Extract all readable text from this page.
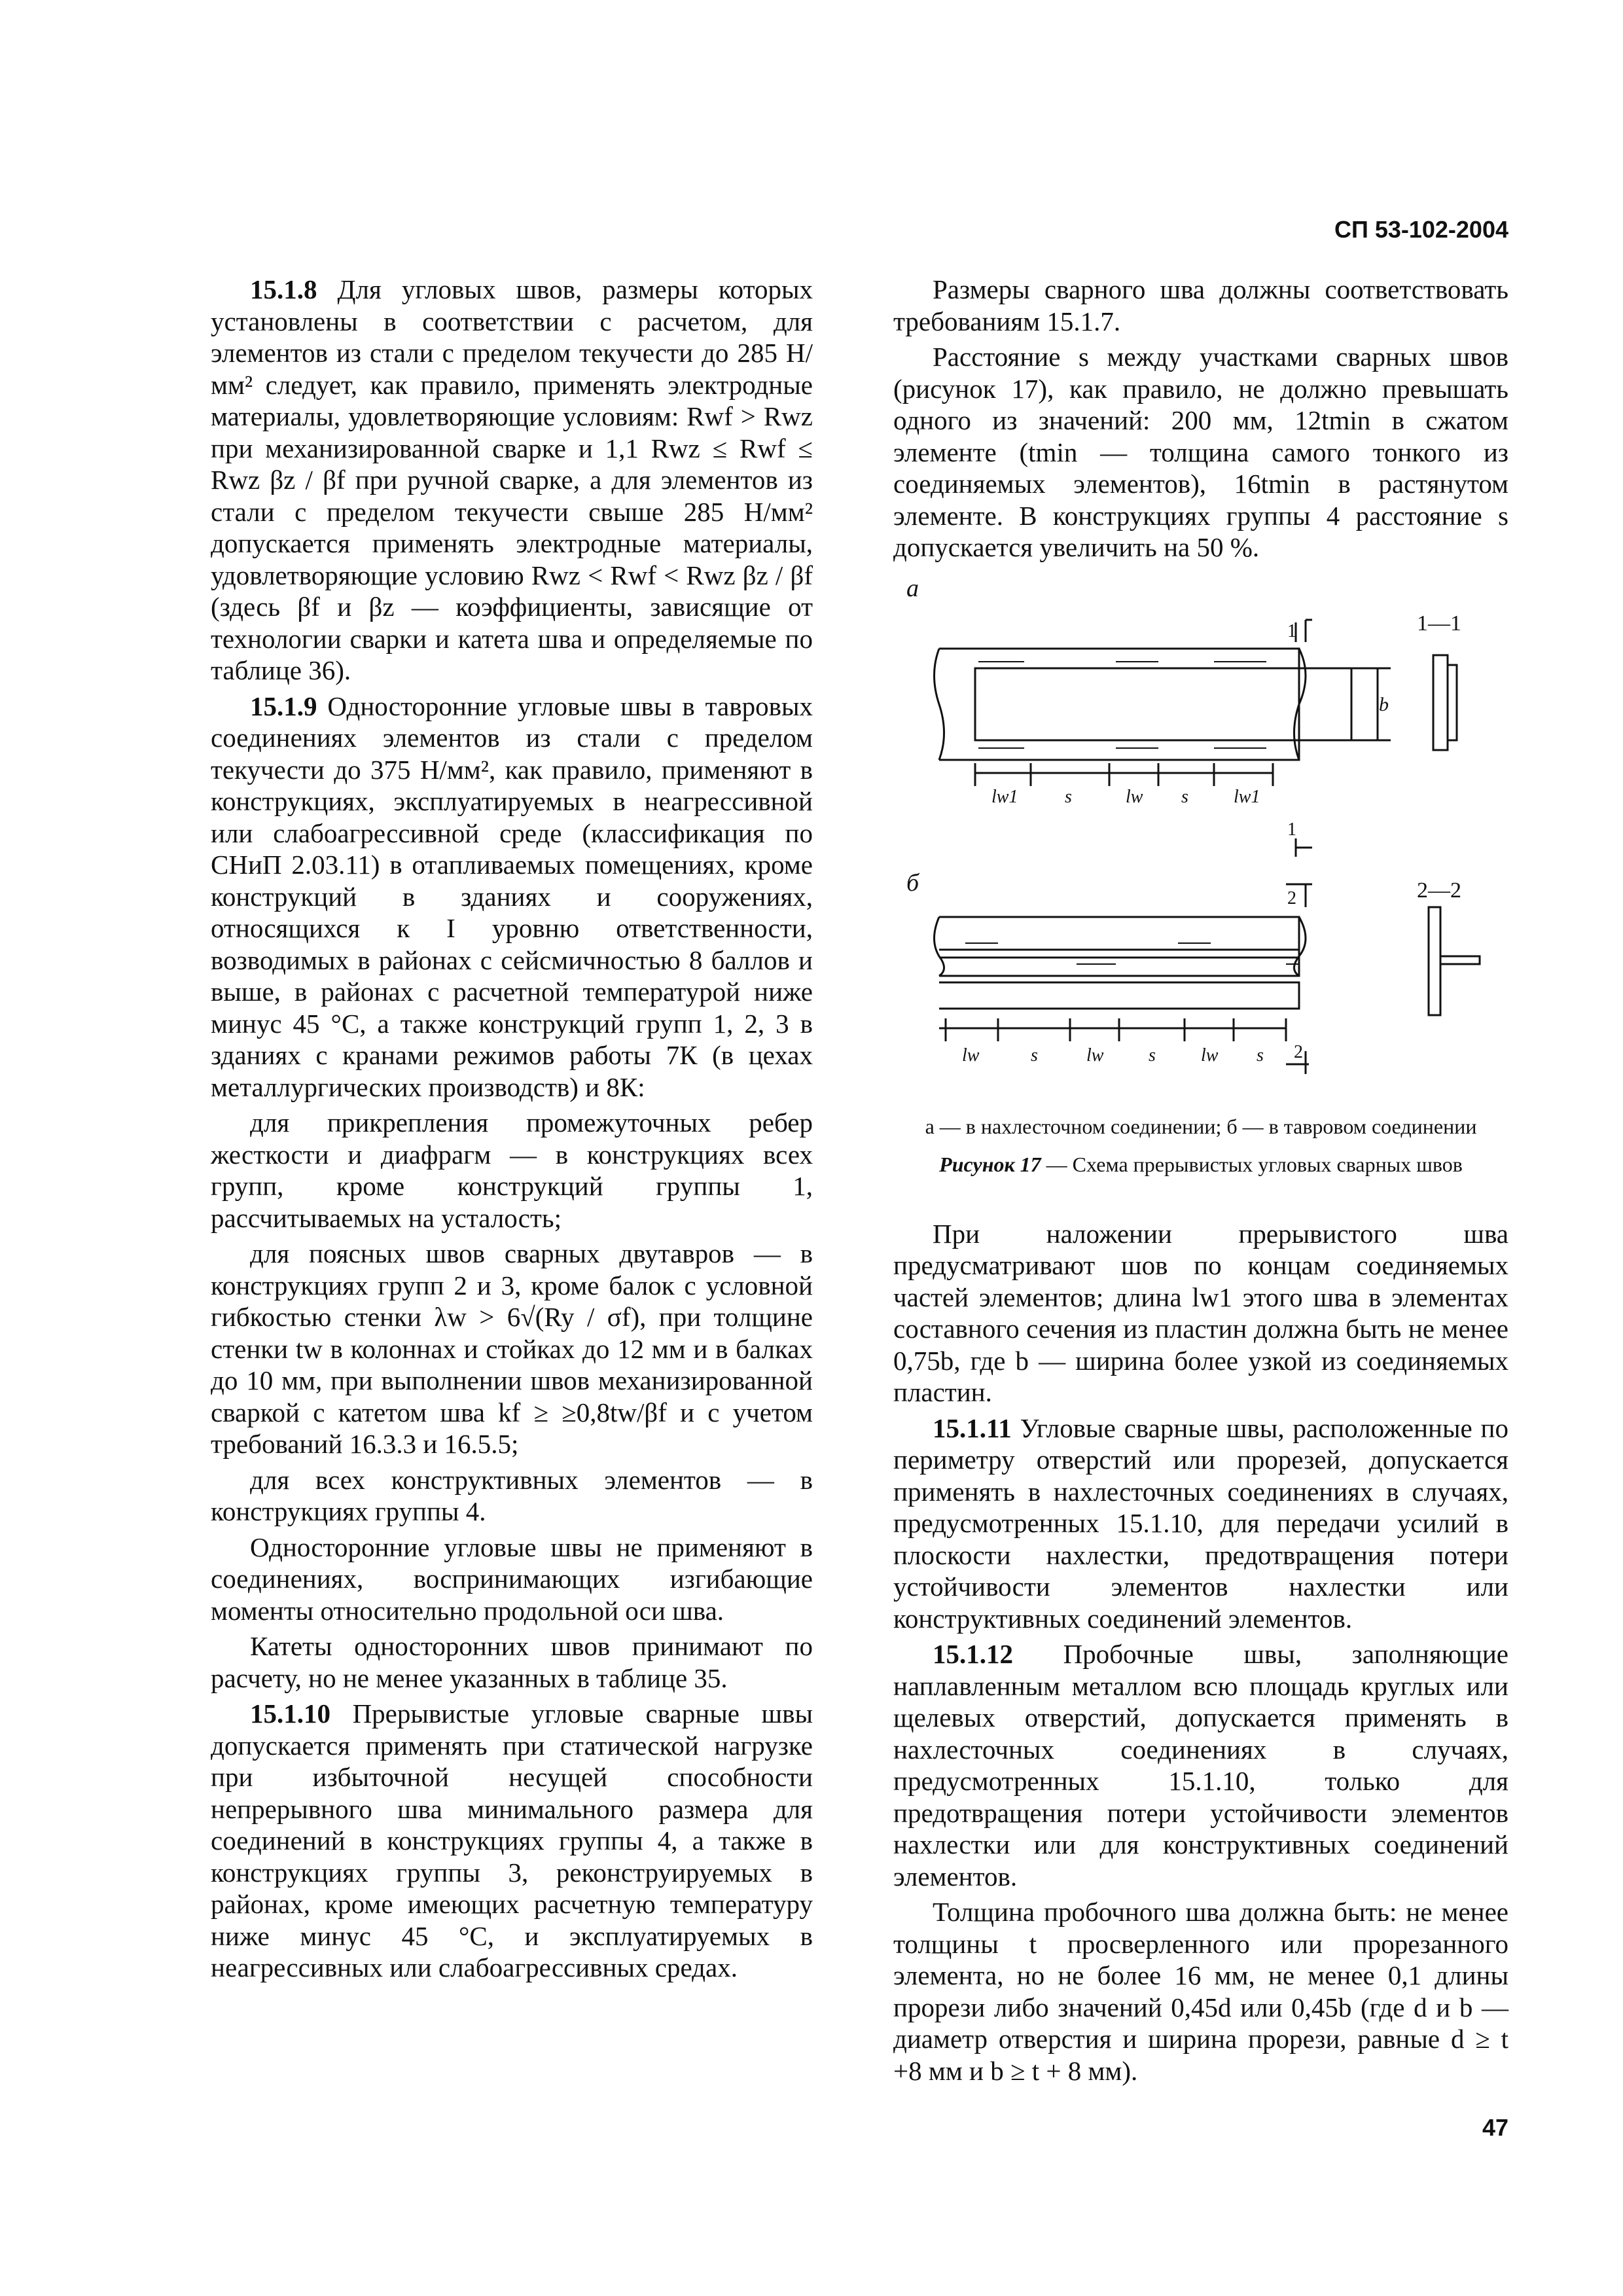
СП 53-102-2004

15.1.8 Для угловых швов, размеры которых установлены в соответствии с расчетом, для элементов из стали с пределом текучести до 285 Н/мм² следует, как правило, применять электродные материалы, удовлетворяющие условиям: Rwf > Rwz при механизированной сварке и 1,1 Rwz ≤ Rwf ≤ Rwz βz / βf при ручной сварке, а для элементов из стали с пределом текучести свыше 285 Н/мм² допускается применять электродные материалы, удовлетворяющие условию Rwz < Rwf < Rwz βz / βf (здесь βf и βz — коэффициенты, зависящие от технологии сварки и катета шва и определяемые по таблице 36).

15.1.9 Односторонние угловые швы в тавровых соединениях элементов из стали с пределом текучести до 375 Н/мм², как правило, применяют в конструкциях, эксплуатируемых в неагрессивной или слабоагрессивной среде (классификация по СНиП 2.03.11) в отапливаемых помещениях, кроме конструкций в зданиях и сооружениях, относящихся к I уровню ответственности, возводимых в районах с сейсмичностью 8 баллов и выше, в районах с расчетной температурой ниже минус 45 °С, а также конструкций групп 1, 2, 3 в зданиях с кранами режимов работы 7К (в цехах металлургических производств) и 8К:

для прикрепления промежуточных ребер жесткости и диафрагм — в конструкциях всех групп, кроме конструкций группы 1, рассчитываемых на усталость;

для поясных швов сварных двутавров — в конструкциях групп 2 и 3, кроме балок с условной гибкостью стенки λw > 6√(Ry / σf), при толщине стенки tw в колоннах и стойках до 12 мм и в балках до 10 мм, при выполнении швов механизированной сваркой с катетом шва kf ≥ ≥0,8tw/βf и с учетом требований 16.3.3 и 16.5.5;

для всех конструктивных элементов — в конструкциях группы 4.

Односторонние угловые швы не применяют в соединениях, воспринимающих изгибающие моменты относительно продольной оси шва.

Катеты односторонних швов принимают по расчету, но не менее указанных в таблице 35.

15.1.10 Прерывистые угловые сварные швы допускается применять при статической нагрузке при избыточной несущей способности непрерывного шва минимального размера для соединений в конструкциях группы 4, а также в конструкциях группы 3, реконструируемых в районах, кроме имеющих расчетную температуру ниже минус 45 °С, и эксплуатируемых в неагрессивных или слабоагрессивных средах.

Размеры сварного шва должны соответствовать требованиям 15.1.7.

Расстояние s между участками сварных швов (рисунок 17), как правило, не должно превышать одного из значений: 200 мм, 12tmin в сжатом элементе (tmin — толщина самого тонкого из соединяемых элементов), 16tmin в растянутом элементе. В конструкциях группы 4 расстояние s допускается увеличить на 50 %.

а
1—1
1
b
lw1	s	lw s lw1
1
б	2—2
2
lw	s	lw s lw s 2
а — в нахлесточном соединении; б — в тавровом соединении
Рисунок 17 — Схема прерывистых угловых сварных швов

При наложении прерывистого шва предусматривают шов по концам соединяемых частей элементов; длина lw1 этого шва в элементах составного сечения из пластин должна быть не менее 0,75b, где b — ширина более узкой из соединяемых пластин.

15.1.11 Угловые сварные швы, расположенные по периметру отверстий или прорезей, допускается применять в нахлесточных соединениях в случаях, предусмотренных 15.1.10, для передачи усилий в плоскости нахлестки, предотвращения потери устойчивости элементов нахлестки или конструктивных соединений элементов.

15.1.12 Пробочные швы, заполняющие наплавленным металлом всю площадь круглых или щелевых отверстий, допускается применять в нахлесточных соединениях в случаях, предусмотренных 15.1.10, только для предотвращения потери устойчивости элементов нахлестки или для конструктивных соединений элементов.

Толщина пробочного шва должна быть: не менее толщины t просверленного или прорезанного элемента, но не более 16 мм, не менее 0,1 длины прорези либо значений 0,45d или 0,45b (где d и b — диаметр отверстия и ширина прорези, равные d ≥ t +8 мм и b ≥ t + 8 мм).

47
